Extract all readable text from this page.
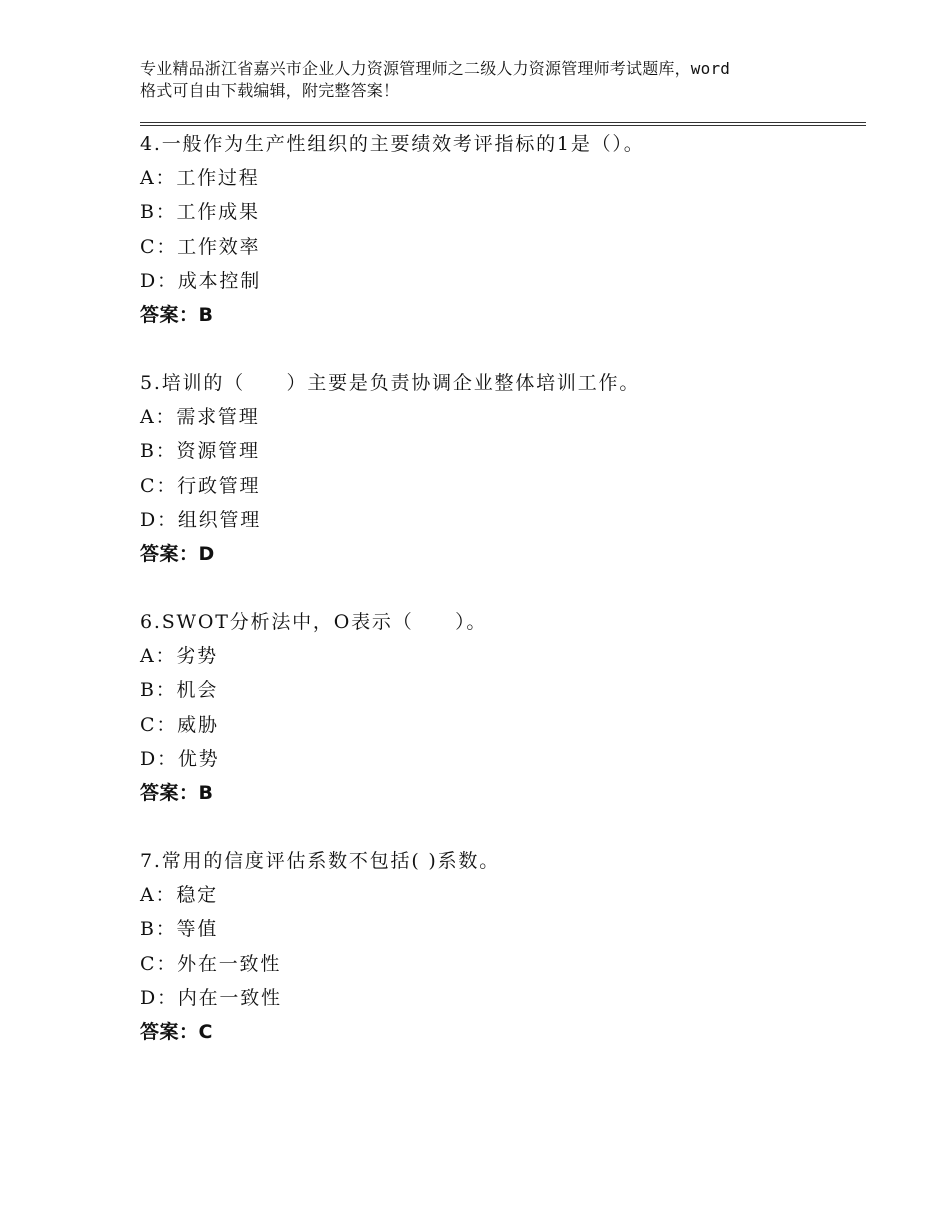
专业精品浙江省嘉兴市企业人力资源管理师之二级人力资源管理师考试题库，word
格式可自由下载编辑，附完整答案！
4.一般作为生产性组织的主要绩效考评指标的1是（）。
A：工作过程
B：工作成果
C：工作效率
D：成本控制
答案：B
5.培训的（　　）主要是负责协调企业整体培训工作。
A：需求管理
B：资源管理
C：行政管理
D：组织管理
答案：D
6.SWOT分析法中，O表示（　　）。
A：劣势
B：机会
C：威胁
D：优势
答案：B
7.常用的信度评估系数不包括( )系数。
A：稳定
B：等值
C：外在一致性
D：内在一致性
答案：C
